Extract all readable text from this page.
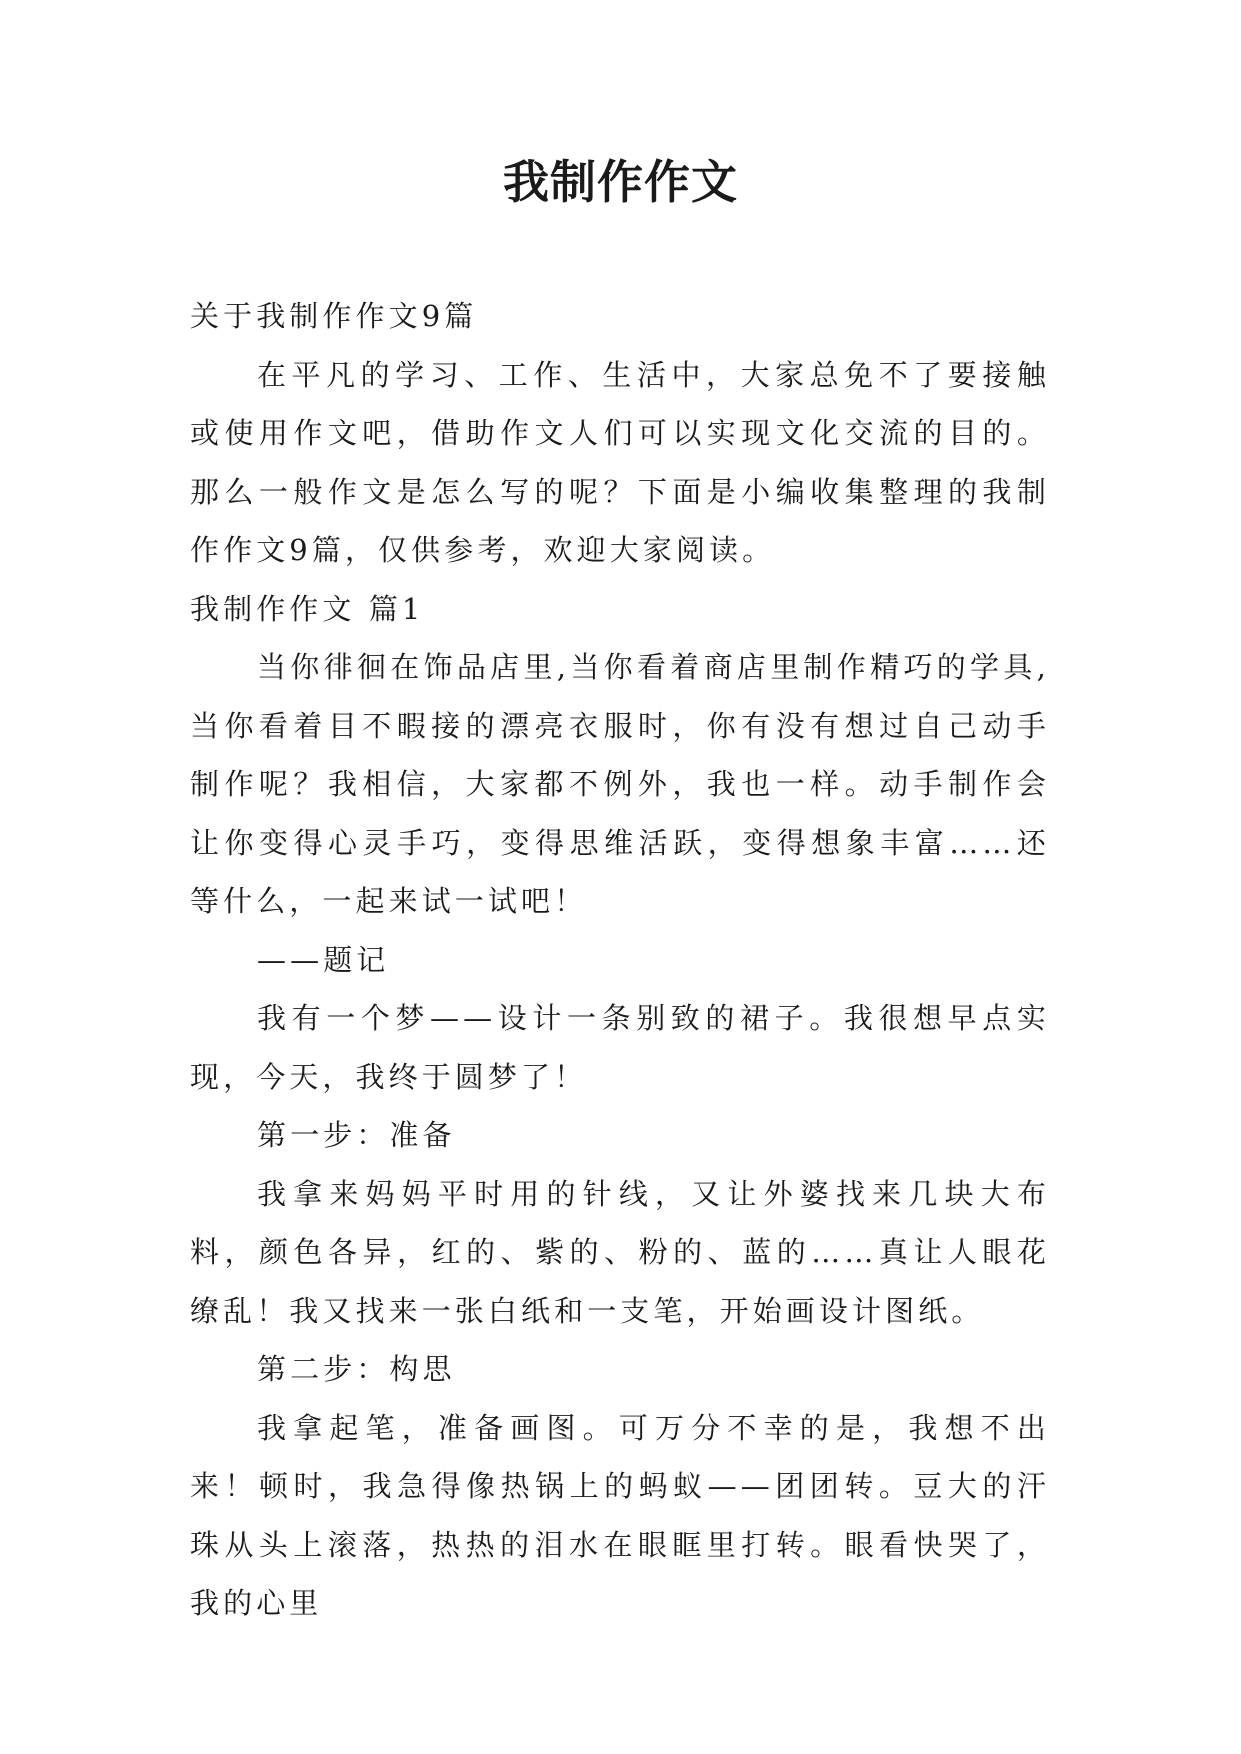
我制作作文

关于我制作作文9篇

在平凡的学习、工作、生活中，大家总免不了要接触或使用作文吧，借助作文人们可以实现文化交流的目的。那么一般作文是怎么写的呢？下面是小编收集整理的我制作作文9篇，仅供参考，欢迎大家阅读。

我制作作文 篇1

当你徘徊在饰品店里,当你看着商店里制作精巧的学具,当你看着目不暇接的漂亮衣服时，你有没有想过自己动手制作呢？我相信，大家都不例外，我也一样。动手制作会让你变得心灵手巧，变得思维活跃，变得想象丰富……还等什么，一起来试一试吧！

——题记

我有一个梦——设计一条别致的裙子。我很想早点实现，今天，我终于圆梦了！

第一步：准备

我拿来妈妈平时用的针线，又让外婆找来几块大布料，颜色各异，红的、紫的、粉的、蓝的……真让人眼花缭乱！我又找来一张白纸和一支笔，开始画设计图纸。

第二步：构思

我拿起笔，准备画图。可万分不幸的是，我想不出来！顿时，我急得像热锅上的蚂蚁——团团转。豆大的汗珠从头上滚落，热热的泪水在眼眶里打转。眼看快哭了，我的心里
